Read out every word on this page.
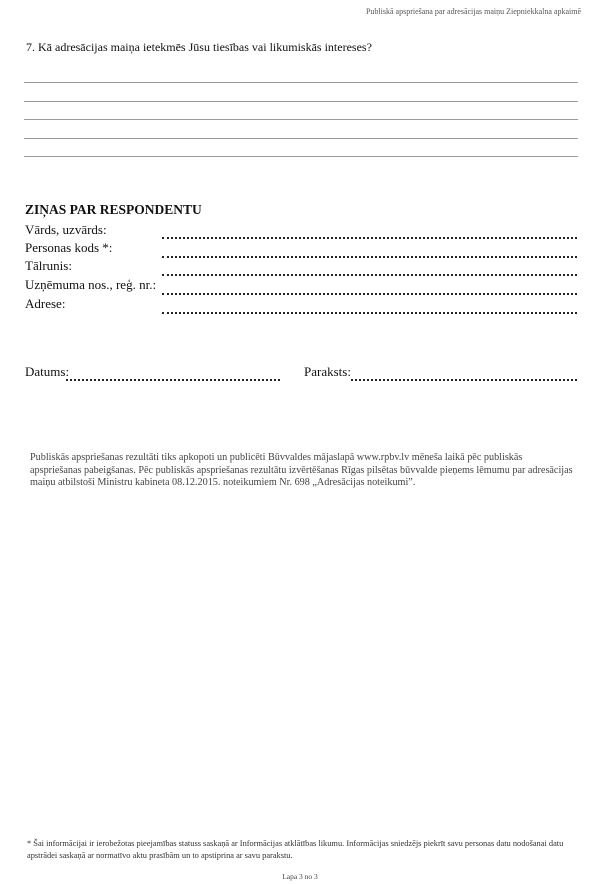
Publiskā apspriešana par adresācijas maiņu Ziepniekkalna apkaimē
7. Kā adresācijas maiņa ietekmēs Jūsu tiesības vai likumiskās intereses?
ZIŅAS PAR RESPONDENTU
Vārds, uzvārds:
Personas kods *:
Tālrunis:
Uzņēmuma nos., reģ. nr.:
Adrese:
Datums:	Paraksts:
Publiskās apspriešanas rezultāti tiks apkopoti un publicēti Būvvaldes mājaslapā www.rpbv.lv mēneša laikā pēc publiskās apspriešanas pabeigšanas. Pēc publiskās apspriešanas rezultātu izvērtēšanas Rīgas pilsētas būvvalde pieņems lēmumu par adresācijas maiņu atbilstoši Ministru kabineta 08.12.2015. noteikumiem Nr. 698 „Adresācijas noteikumi”.
* Šai informācijai ir ierobežotas pieejamības statuss saskaņā ar Informācijas atklātības likumu. Informācijas sniedzējs piekrīt savu personas datu nodošanai datu apstrādei saskaņā ar normatīvo aktu prasībām un to apstiprina ar savu parakstu.
Lapa 3 no 3
